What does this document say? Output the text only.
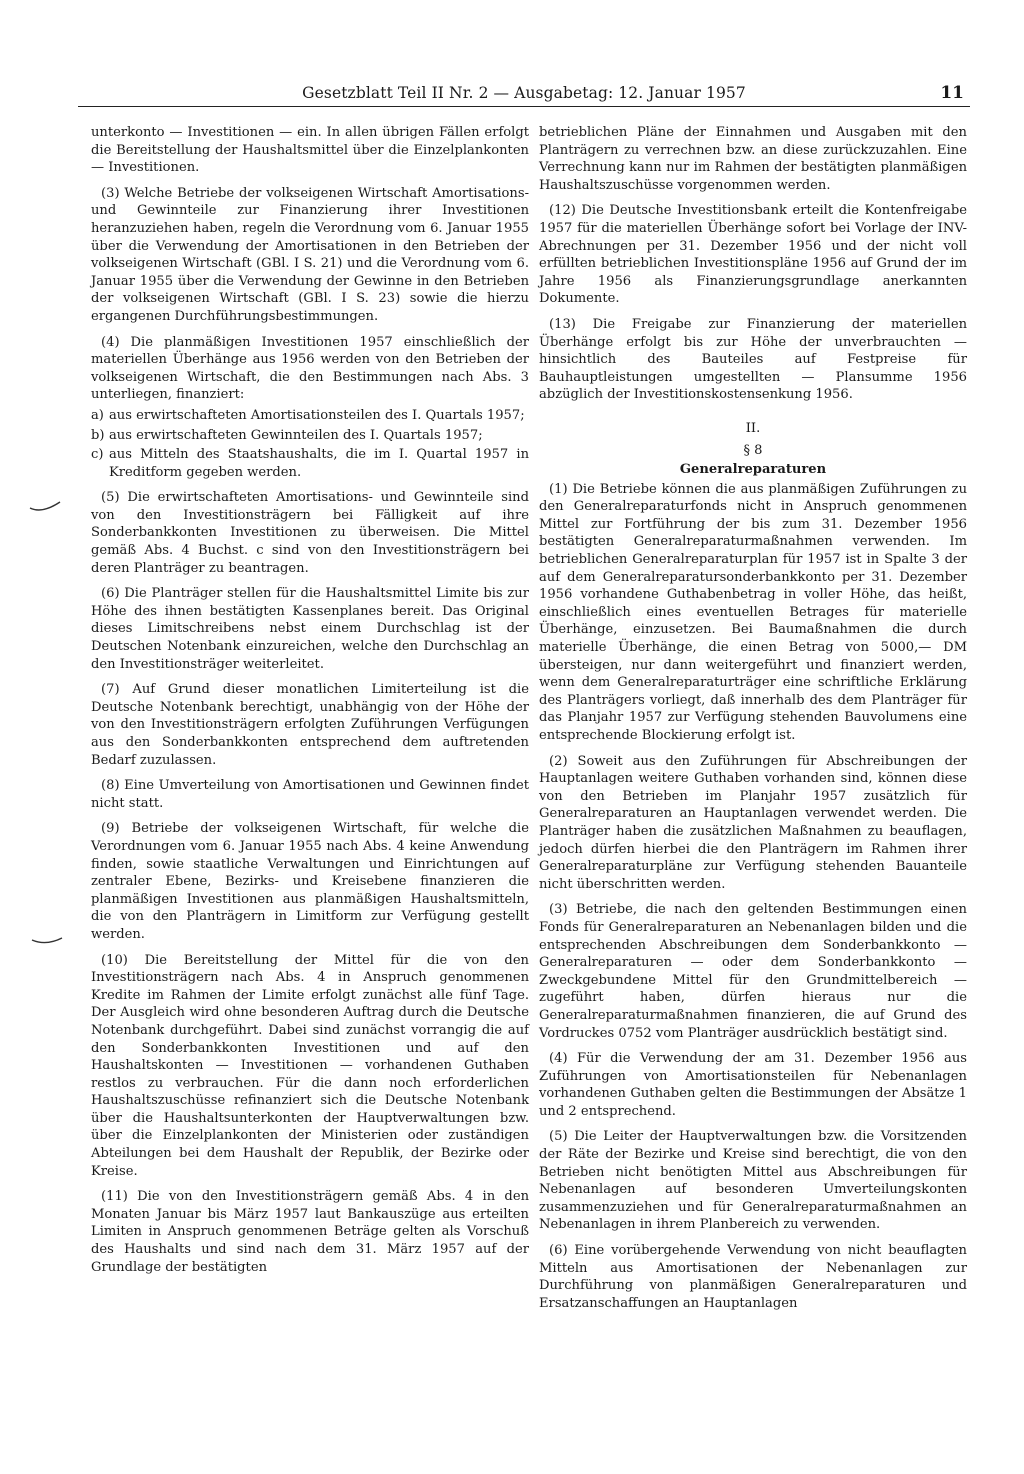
Gesetzblatt Teil II Nr. 2 — Ausgabetag: 12. Januar 1957	11

unterkonto — Investitionen — ein. In allen übrigen Fällen erfolgt die Bereitstellung der Haushaltsmittel über die Einzelplankonten — Investitionen.

(3) Welche Betriebe der volkseigenen Wirtschaft Amortisations- und Gewinnteile zur Finanzierung ihrer Investitionen heranzuziehen haben, regeln die Verordnung vom 6. Januar 1955 über die Verwendung der Amortisationen in den Betrieben der volkseigenen Wirtschaft (GBl. I S. 21) und die Verordnung vom 6. Januar 1955 über die Verwendung der Gewinne in den Betrieben der volkseigenen Wirtschaft (GBl. I S. 23) sowie die hierzu ergangenen Durchführungsbestimmungen.

(4) Die planmäßigen Investitionen 1957 einschließlich der materiellen Überhänge aus 1956 werden von den Betrieben der volkseigenen Wirtschaft, die den Bestimmungen nach Abs. 3 unterliegen, finanziert:

a) aus erwirtschafteten Amortisationsteilen des I. Quartals 1957;
b) aus erwirtschafteten Gewinnteilen des I. Quartals 1957;
c) aus Mitteln des Staatshaushalts, die im I. Quartal 1957 in Kreditform gegeben werden.

(5) Die erwirtschafteten Amortisations- und Gewinnteile sind von den Investitionsträgern bei Fälligkeit auf ihre Sonderbankkonten Investitionen zu überweisen. Die Mittel gemäß Abs. 4 Buchst. c sind von den Investitionsträgern bei deren Planträger zu beantragen.

(6) Die Planträger stellen für die Haushaltsmittel Limite bis zur Höhe des ihnen bestätigten Kassenplanes bereit. Das Original dieses Limitschreibens nebst einem Durchschlag ist der Deutschen Notenbank einzureichen, welche den Durchschlag an den Investitionsträger weiterleitet.

(7) Auf Grund dieser monatlichen Limiterteilung ist die Deutsche Notenbank berechtigt, unabhängig von der Höhe der von den Investitionsträgern erfolgten Zuführungen Verfügungen aus den Sonderbankkonten entsprechend dem auftretenden Bedarf zuzulassen.

(8) Eine Umverteilung von Amortisationen und Gewinnen findet nicht statt.

(9) Betriebe der volkseigenen Wirtschaft, für welche die Verordnungen vom 6. Januar 1955 nach Abs. 4 keine Anwendung finden, sowie staatliche Verwaltungen und Einrichtungen auf zentraler Ebene, Bezirks- und Kreisebene finanzieren die planmäßigen Investitionen aus planmäßigen Haushaltsmitteln, die von den Planträgern in Limitform zur Verfügung gestellt werden.

(10) Die Bereitstellung der Mittel für die von den Investitionsträgern nach Abs. 4 in Anspruch genommenen Kredite im Rahmen der Limite erfolgt zunächst alle fünf Tage. Der Ausgleich wird ohne besonderen Auftrag durch die Deutsche Notenbank durchgeführt. Dabei sind zunächst vorrangig die auf den Sonderbankkonten Investitionen und auf den Haushaltskonten — Investitionen — vorhandenen Guthaben restlos zu verbrauchen. Für die dann noch erforderlichen Haushaltszuschüsse refinanziert sich die Deutsche Notenbank über die Haushaltsunterkonten der Hauptverwaltungen bzw. über die Einzelplankonten der Ministerien oder zuständigen Abteilungen bei dem Haushalt der Republik, der Bezirke oder Kreise.

(11) Die von den Investitionsträgern gemäß Abs. 4 in den Monaten Januar bis März 1957 laut Bankauszüge aus erteilten Limiten in Anspruch genommenen Beträge gelten als Vorschuß des Haushalts und sind nach dem 31. März 1957 auf der Grundlage der bestätigten

betrieblichen Pläne der Einnahmen und Ausgaben mit den Planträgern zu verrechnen bzw. an diese zurückzuzahlen. Eine Verrechnung kann nur im Rahmen der bestätigten planmäßigen Haushaltszuschüsse vorgenommen werden.

(12) Die Deutsche Investitionsbank erteilt die Kontenfreigabe 1957 für die materiellen Überhänge sofort bei Vorlage der INV-Abrechnungen per 31. Dezember 1956 und der nicht voll erfüllten betrieblichen Investitionspläne 1956 auf Grund der im Jahre 1956 als Finanzierungsgrundlage anerkannten Dokumente.

(13) Die Freigabe zur Finanzierung der materiellen Überhänge erfolgt bis zur Höhe der unverbrauchten — hinsichtlich des Bauteiles auf Festpreise für Bauhauptleistungen umgestellten — Plansumme 1956 abzüglich der Investitionskostensenkung 1956.

II.
§ 8
Generalreparaturen

(1) Die Betriebe können die aus planmäßigen Zuführungen zu den Generalreparaturfonds nicht in Anspruch genommenen Mittel zur Fortführung der bis zum 31. Dezember 1956 bestätigten Generalreparaturmaßnahmen verwenden. Im betrieblichen Generalreparaturplan für 1957 ist in Spalte 3 der auf dem Generalreparatursonderbankkonto per 31. Dezember 1956 vorhandene Guthabenbetrag in voller Höhe, das heißt, einschließlich eines eventuellen Betrages für materielle Überhänge, einzusetzen. Bei Baumaßnahmen die durch materielle Überhänge, die einen Betrag von 5000,— DM übersteigen, nur dann weitergeführt und finanziert werden, wenn dem Generalreparaturträger eine schriftliche Erklärung des Planträgers vorliegt, daß innerhalb des dem Planträger für das Planjahr 1957 zur Verfügung stehenden Bauvolumens eine entsprechende Blockierung erfolgt ist.

(2) Soweit aus den Zuführungen für Abschreibungen der Hauptanlagen weitere Guthaben vorhanden sind, können diese von den Betrieben im Planjahr 1957 zusätzlich für Generalreparaturen an Hauptanlagen verwendet werden. Die Planträger haben die zusätzlichen Maßnahmen zu beauflagen, jedoch dürfen hierbei die den Planträgern im Rahmen ihrer Generalreparaturpläne zur Verfügung stehenden Bauanteile nicht überschritten werden.

(3) Betriebe, die nach den geltenden Bestimmungen einen Fonds für Generalreparaturen an Nebenanlagen bilden und die entsprechenden Abschreibungen dem Sonderbankkonto — Generalreparaturen — oder dem Sonderbankkonto — Zweckgebundene Mittel für den Grundmittelbereich — zugeführt haben, dürfen hieraus nur die Generalreparaturmaßnahmen finanzieren, die auf Grund des Vordruckes 0752 vom Planträger ausdrücklich bestätigt sind.

(4) Für die Verwendung der am 31. Dezember 1956 aus Zuführungen von Amortisationsteilen für Nebenanlagen vorhandenen Guthaben gelten die Bestimmungen der Absätze 1 und 2 entsprechend.

(5) Die Leiter der Hauptverwaltungen bzw. die Vorsitzenden der Räte der Bezirke und Kreise sind berechtigt, die von den Betrieben nicht benötigten Mittel aus Abschreibungen für Nebenanlagen auf besonderen Umverteilungskonten zusammenzuziehen und für Generalreparaturmaßnahmen an Nebenanlagen in ihrem Planbereich zu verwenden.

(6) Eine vorübergehende Verwendung von nicht beauflagten Mitteln aus Amortisationen der Nebenanlagen zur Durchführung von planmäßigen Generalreparaturen und Ersatzanschaffungen an Hauptanlagen
